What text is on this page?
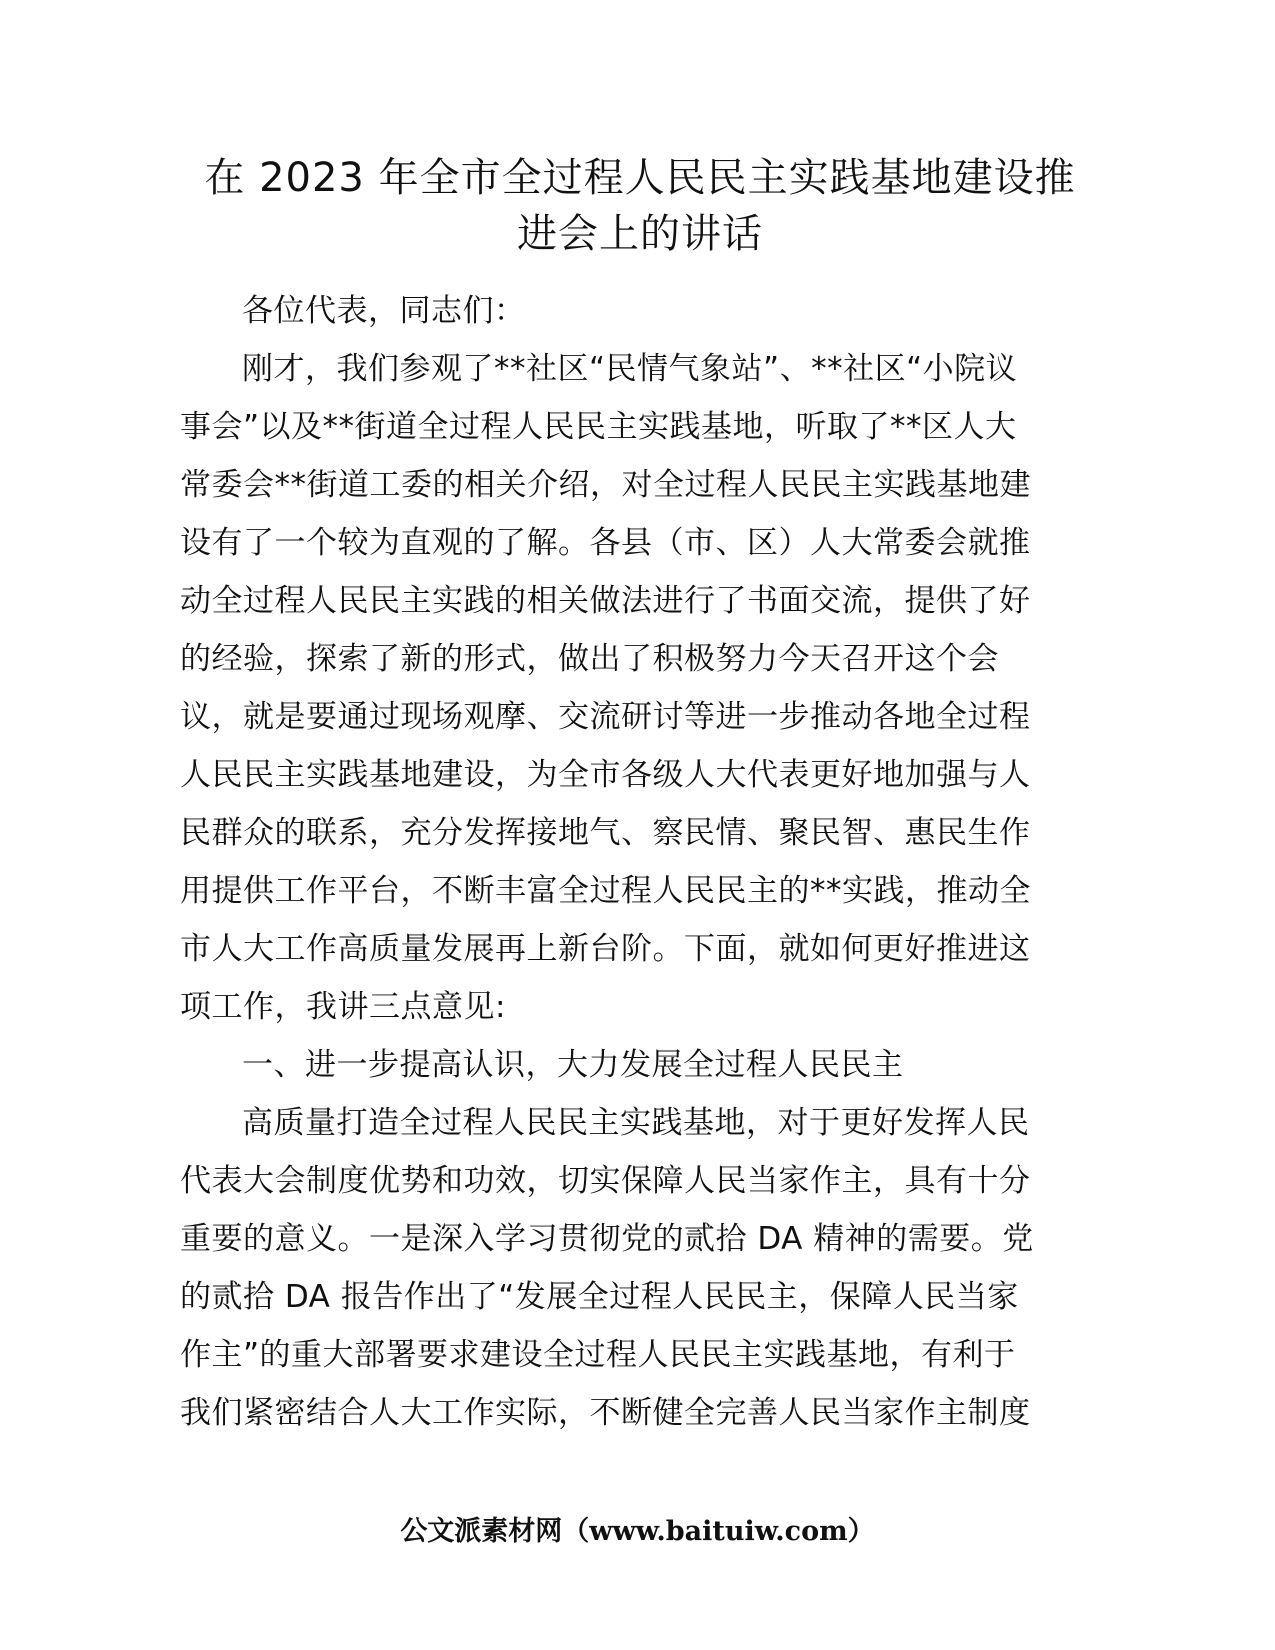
在 2023 年全市全过程人民民主实践基地建设推
进会上的讲话
各位代表，同志们：
刚才，我们参观了**社区“民情气象站”、**社区“小院议
事会”以及**街道全过程人民民主实践基地，听取了**区人大
常委会**街道工委的相关介绍，对全过程人民民主实践基地建
设有了一个较为直观的了解。各县（市、区）人大常委会就推
动全过程人民民主实践的相关做法进行了书面交流，提供了好
的经验，探索了新的形式，做出了积极努力今天召开这个会
议，就是要通过现场观摩、交流研讨等进一步推动各地全过程
人民民主实践基地建设，为全市各级人大代表更好地加强与人
民群众的联系，充分发挥接地气、察民情、聚民智、惠民生作
用提供工作平台，不断丰富全过程人民民主的**实践，推动全
市人大工作高质量发展再上新台阶。下面，就如何更好推进这
项工作，我讲三点意见:
一、进一步提高认识，大力发展全过程人民民主
高质量打造全过程人民民主实践基地，对于更好发挥人民
代表大会制度优势和功效，切实保障人民当家作主，具有十分
重要的意义。一是深入学习贯彻党的贰拾 DA 精神的需要。党
的贰拾 DA 报告作出了“发展全过程人民民主，保障人民当家
作主”的重大部署要求建设全过程人民民主实践基地，有利于
我们紧密结合人大工作实际，不断健全完善人民当家作主制度
公文派素材网（www.baituiw.com）
